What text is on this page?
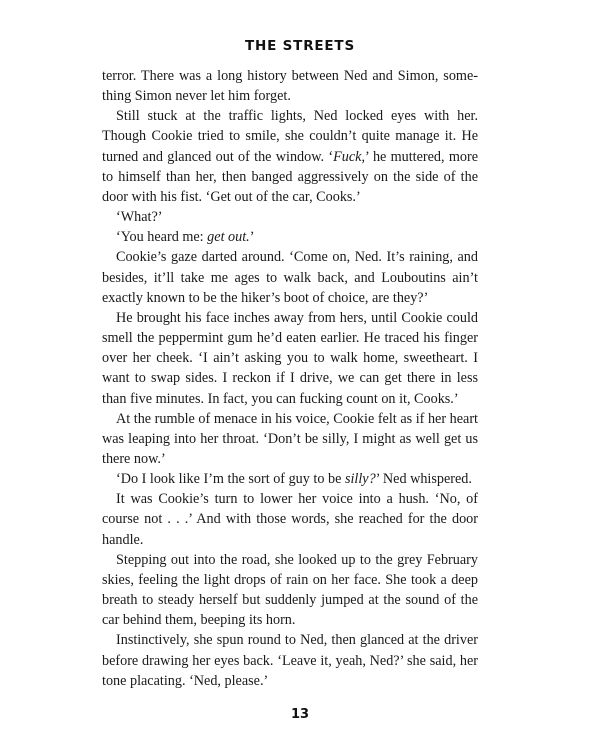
THE STREETS

terror. There was a long history between Ned and Simon, something Simon never let him forget.

Still stuck at the traffic lights, Ned locked eyes with her. Though Cookie tried to smile, she couldn’t quite manage it. He turned and glanced out of the window. ‘Fuck,’ he muttered, more to himself than her, then banged aggressively on the side of the door with his fist. ‘Get out of the car, Cooks.’

‘What?’

‘You heard me: get out.’

Cookie’s gaze darted around. ‘Come on, Ned. It’s raining, and besides, it’ll take me ages to walk back, and Louboutins ain’t exactly known to be the hiker’s boot of choice, are they?’

He brought his face inches away from hers, until Cookie could smell the peppermint gum he’d eaten earlier. He traced his finger over her cheek. ‘I ain’t asking you to walk home, sweetheart. I want to swap sides. I reckon if I drive, we can get there in less than five minutes. In fact, you can fucking count on it, Cooks.’

At the rumble of menace in his voice, Cookie felt as if her heart was leaping into her throat. ‘Don’t be silly, I might as well get us there now.’

‘Do I look like I’m the sort of guy to be silly?’ Ned whispered.

It was Cookie’s turn to lower her voice into a hush. ‘No, of course not . . .’ And with those words, she reached for the door handle.

Stepping out into the road, she looked up to the grey February skies, feeling the light drops of rain on her face. She took a deep breath to steady herself but suddenly jumped at the sound of the car behind them, beeping its horn.

Instinctively, she spun round to Ned, then glanced at the driver before drawing her eyes back. ‘Leave it, yeah, Ned?’ she said, her tone placating. ‘Ned, please.’

13
